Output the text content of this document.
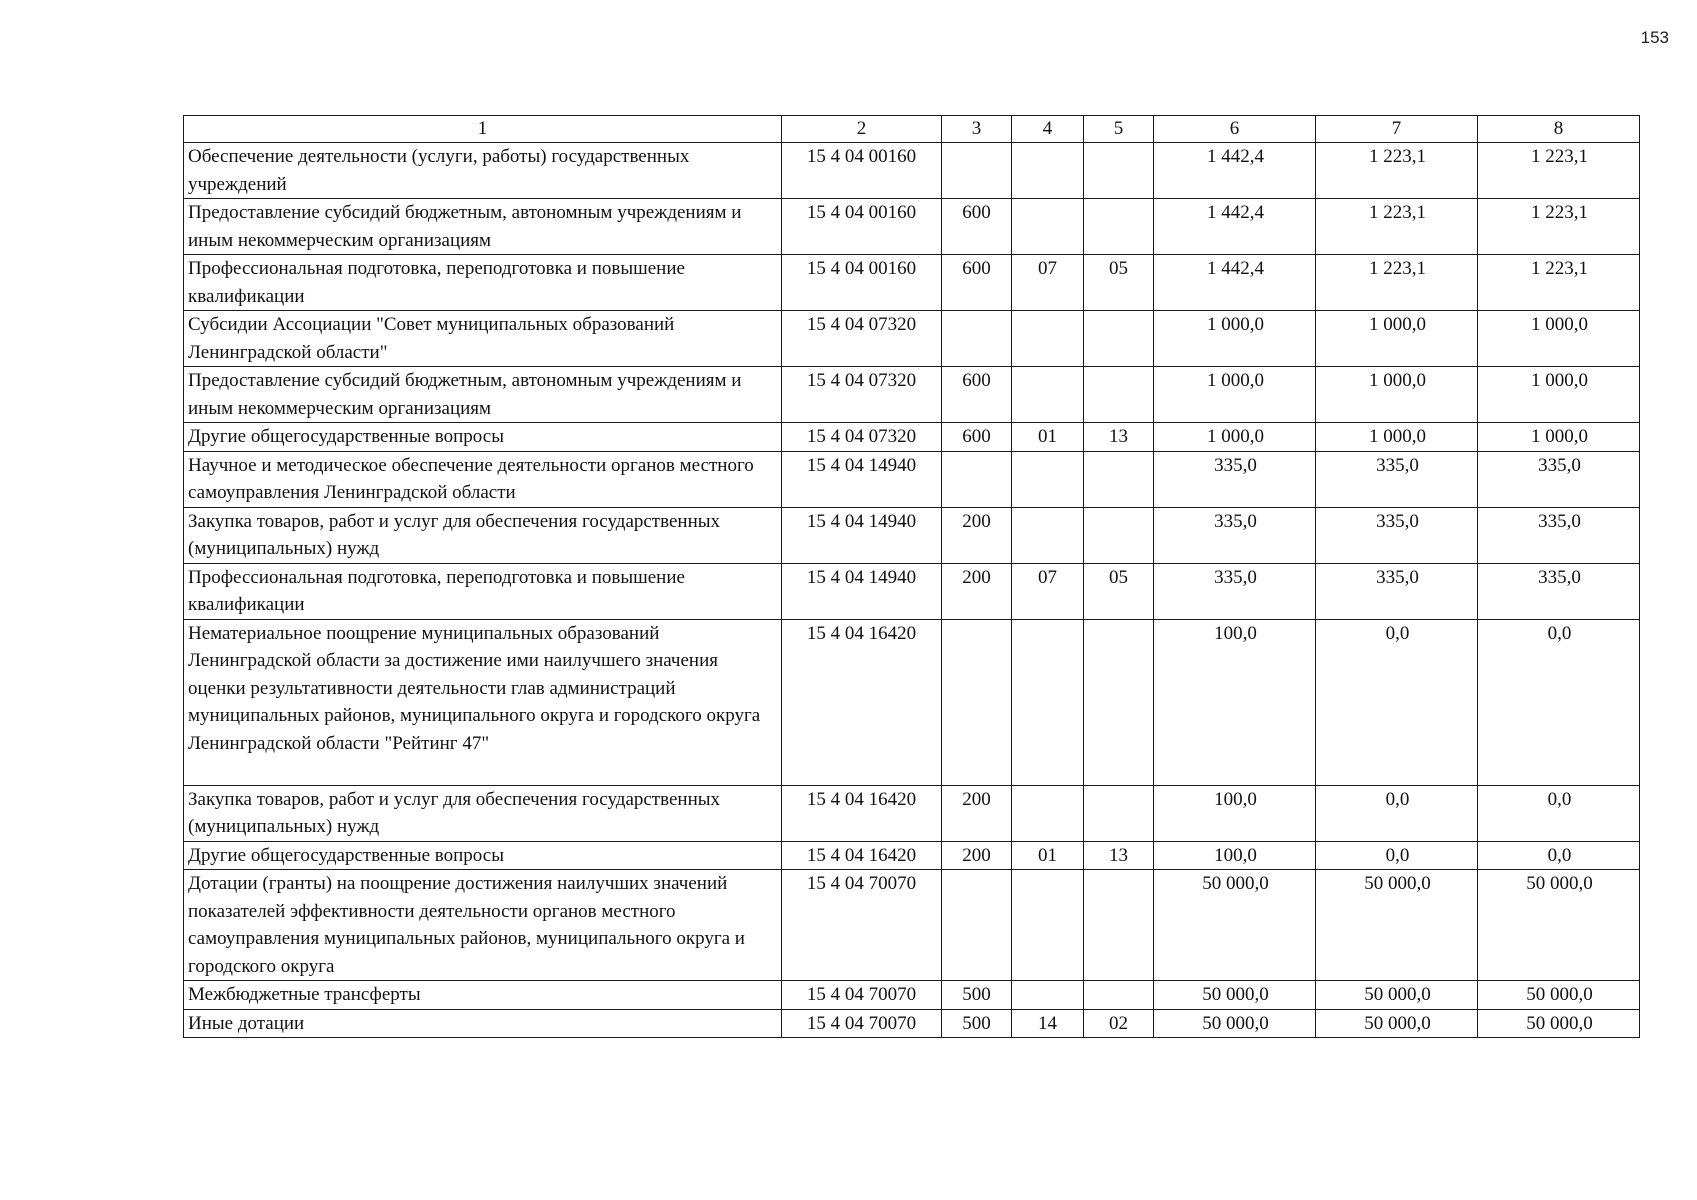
153
1	2	3	4	5	6	7	8
Обеспечение деятельности (услуги, работы) государственных учреждений	15 4 04 00160				1 442,4	1 223,1	1 223,1
Предоставление субсидий бюджетным, автономным учреждениям и иным некоммерческим организациям	15 4 04 00160	600			1 442,4	1 223,1	1 223,1
Профессиональная подготовка, переподготовка и повышение квалификации	15 4 04 00160	600	07	05	1 442,4	1 223,1	1 223,1
Субсидии Ассоциации "Совет муниципальных образований Ленинградской области"	15 4 04 07320				1 000,0	1 000,0	1 000,0
Предоставление субсидий бюджетным, автономным учреждениям и иным некоммерческим организациям	15 4 04 07320	600			1 000,0	1 000,0	1 000,0
Другие общегосударственные вопросы	15 4 04 07320	600	01	13	1 000,0	1 000,0	1 000,0
Научное и методическое обеспечение деятельности органов местного самоуправления Ленинградской области	15 4 04 14940				335,0	335,0	335,0
Закупка товаров, работ и услуг для обеспечения государственных (муниципальных) нужд	15 4 04 14940	200			335,0	335,0	335,0
Профессиональная подготовка, переподготовка и повышение квалификации	15 4 04 14940	200	07	05	335,0	335,0	335,0
Нематериальное поощрение муниципальных образований Ленинградской области за достижение ими наилучшего значения оценки результативности деятельности глав администраций муниципальных районов, муниципального округа и городского округа Ленинградской области "Рейтинг 47"	15 4 04 16420				100,0	0,0	0,0
Закупка товаров, работ и услуг для обеспечения государственных (муниципальных) нужд	15 4 04 16420	200			100,0	0,0	0,0
Другие общегосударственные вопросы	15 4 04 16420	200	01	13	100,0	0,0	0,0
Дотации (гранты) на поощрение достижения наилучших значений показателей эффективности деятельности органов местного самоуправления муниципальных районов, муниципального округа и городского округа	15 4 04 70070				50 000,0	50 000,0	50 000,0
Межбюджетные трансферты	15 4 04 70070	500			50 000,0	50 000,0	50 000,0
Иные дотации	15 4 04 70070	500	14	02	50 000,0	50 000,0	50 000,0
